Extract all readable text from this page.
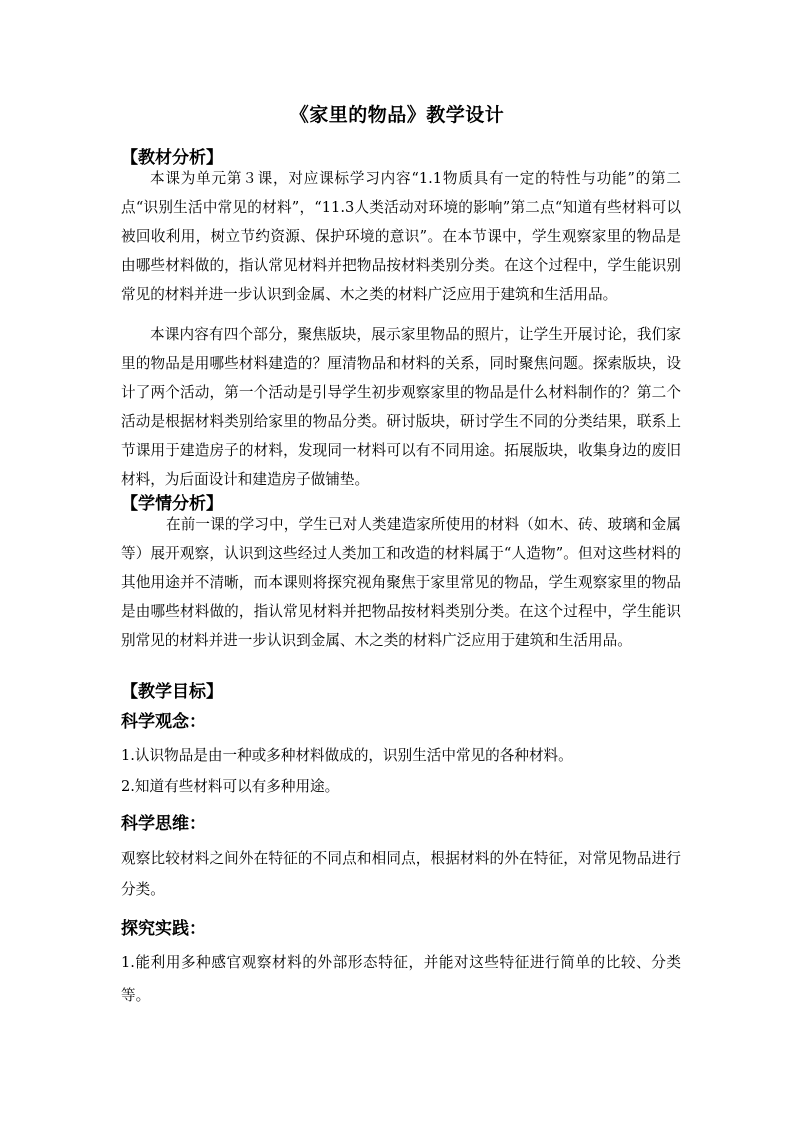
《家里的物品》教学设计
【教材分析】

本课为单元第３课，对应课标学习内容“1.1物质具有一定的特性与功能”的第二点“识别生活中常见的材料”，“11.3人类活动对环境的影响”第二点“知道有些材料可以被回收利用，树立节约资源、保护环境的意识”。在本节课中，学生观察家里的物品是由哪些材料做的，指认常见材料并把物品按材料类别分类。在这个过程中，学生能识别常见的材料并进一步认识到金属、木之类的材料广泛应用于建筑和生活用品。

本课内容有四个部分，聚焦版块，展示家里物品的照片，让学生开展讨论，我们家里的物品是用哪些材料建造的？厘清物品和材料的关系，同时聚焦问题。探索版块，设计了两个活动，第一个活动是引导学生初步观察家里的物品是什么材料制作的？第二个活动是根据材料类别给家里的物品分类。研讨版块，研讨学生不同的分类结果，联系上节课用于建造房子的材料，发现同一材料可以有不同用途。拓展版块，收集身边的废旧材料，为后面设计和建造房子做铺垫。

【学情分析】

在前一课的学习中，学生已对人类建造家所使用的材料（如木、砖、玻璃和金属等）展开观察，认识到这些经过人类加工和改造的材料属于“人造物”。但对这些材料的其他用途并不清晰，而本课则将探究视角聚焦于家里常见的物品，学生观察家里的物品是由哪些材料做的，指认常见材料并把物品按材料类别分类。在这个过程中，学生能识别常见的材料并进一步认识到金属、木之类的材料广泛应用于建筑和生活用品。

【教学目标】
科学观念：

1.认识物品是由一种或多种材料做成的，识别生活中常见的各种材料。

2.知道有些材料可以有多种用途。

科学思维：

观察比较材料之间外在特征的不同点和相同点，根据材料的外在特征，对常见物品进行分类。

探究实践：

1.能利用多种感官观察材料的外部形态特征，并能对这些特征进行简单的比较、分类等。
